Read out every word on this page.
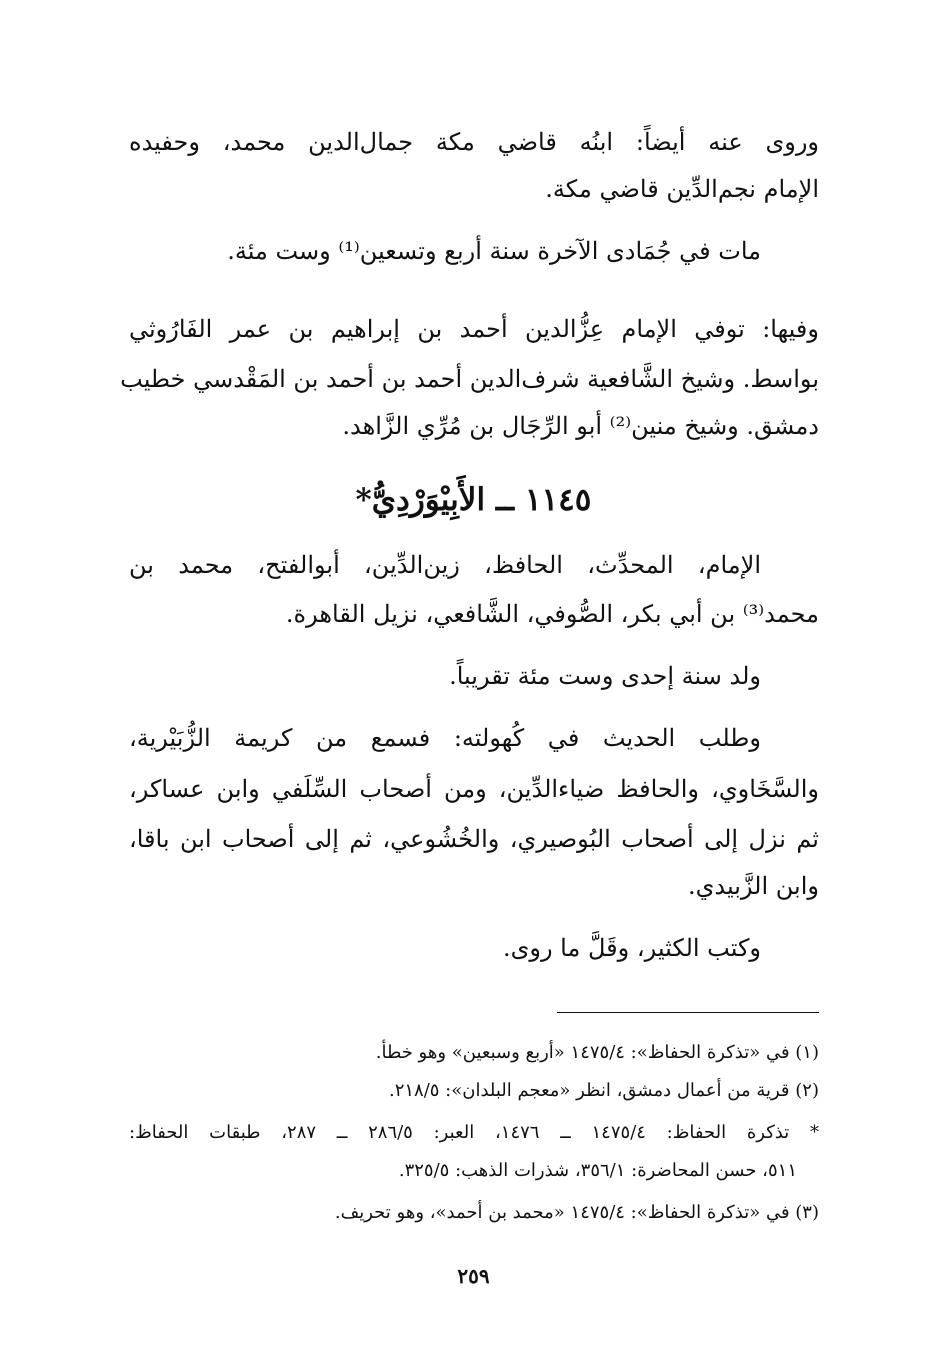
وروى عنه أيضاً: ابنُه قاضي مكة جمال‌الدين محمد، وحفيده
الإمام نجم‌الدِّين قاضي مكة.
مات في جُمَادى الآخرة سنة أربع وتسعين⁽¹⁾ وست مئة.
وفيها: توفي الإمام عِزُّالدين أحمد بن إبراهيم بن عمر الفَارُوثي
بواسط. وشيخ الشَّافعية شرف‌الدين أحمد بن أحمد بن المَقْدسي خطيب
دمشق. وشيخ منين⁽²⁾ أبو الرِّجَال بن مُرِّي الزَّاهد.
١١٤٥ ــ الأَبِيْوَرْدِيُّ*
الإمام، المحدِّث، الحافظ، زين‌الدِّين، أبوالفتح، محمد بن
محمد⁽³⁾ بن أبي بكر، الصُّوفي، الشَّافعي، نزيل القاهرة.
ولد سنة إحدى وست مئة تقريباً.
وطلب الحديث في كُهولته: فسمع من كريمة الزُّبَيْرية،
والسَّخَاوي، والحافظ ضياءالدِّين، ومن أصحاب السِّلَفي وابن عساكر،
ثم نزل إلى أصحاب البُوصيري، والخُشُوعي، ثم إلى أصحاب ابن باقا،
وابن الزَّبيدي.
وكتب الكثير، وقَلَّ ما روى.
(١) في «تذكرة الحفاظ»: ١٤٧٥/٤ «أربع وسبعين» وهو خطأ.
(٢) قرية من أعمال دمشق، انظر «معجم البلدان»: ٢١٨/٥.
* تذكرة الحفاظ: ١٤٧٥/٤ ــ ١٤٧٦، العبر: ٢٨٦/٥ ــ ٢٨٧، طبقات الحفاظ:
٥١١، حسن المحاضرة: ٣٥٦/١، شذرات الذهب: ٣٢٥/٥.
(٣) في «تذكرة الحفاظ»: ١٤٧٥/٤ «محمد بن أحمد»، وهو تحريف.
٢٥٩
